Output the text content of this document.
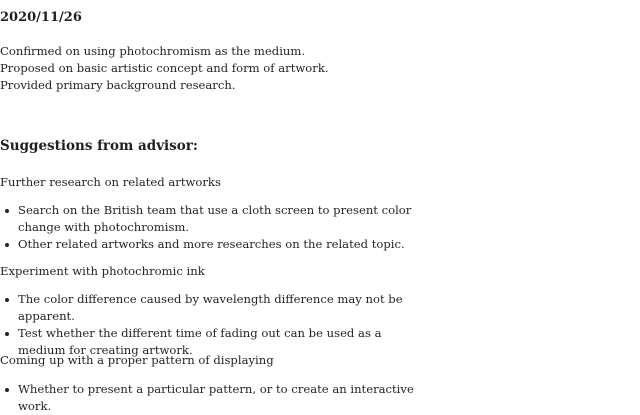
2020/11/26
Confirmed on using photochromism as the medium.
Proposed on basic artistic concept and form of artwork.
Provided primary background research.
Suggestions from advisor:

Further research on related artworks

Search on the British team that use a cloth screen to present color change with photochromism.
Other related artworks and more researches on the related topic.

Experiment with photochromic ink

The color difference caused by wavelength difference may not be apparent.
Test whether the different time of fading out can be used as a medium for creating artwork.

Coming up with a proper pattern of displaying

Whether to present a particular pattern, or to create an interactive work.
